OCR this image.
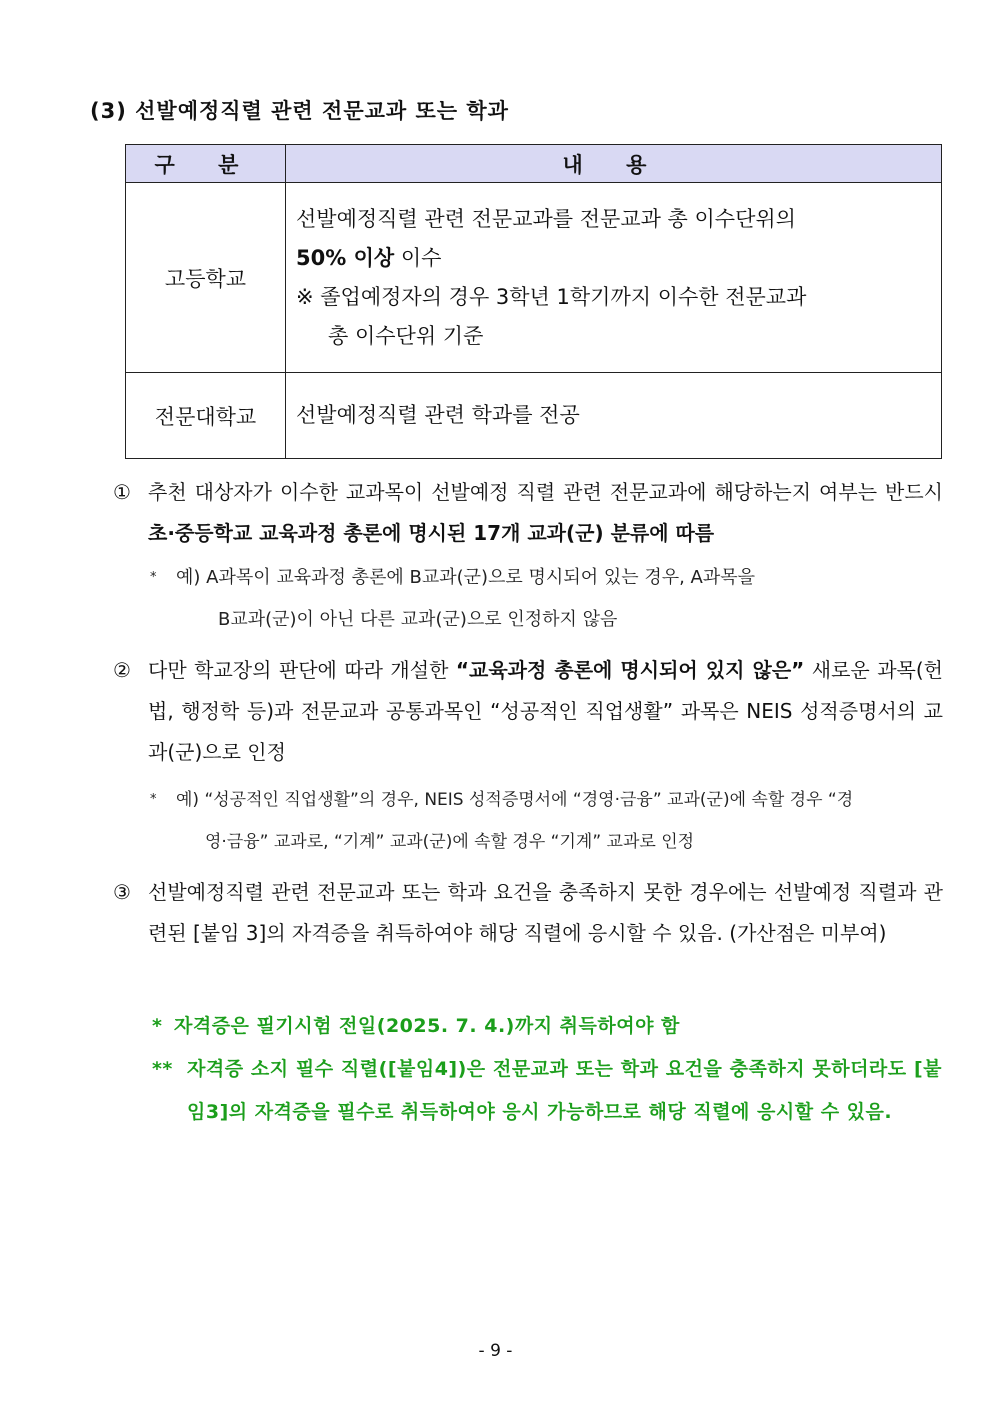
(3) 선발예정직렬 관련 전문교과 또는 학과
구 분	내 용
고등학교	선발예정직렬 관련 전문교과를 전문교과 총 이수단위의
50% 이상 이수
※ 졸업예정자의 경우 3학년 1학기까지 이수한 전문교과
총 이수단위 기준

전문대학교	선발예정직렬 관련 학과를 전공
① 추천 대상자가 이수한 교과목이 선발예정 직렬 관련 전문교과에 해당하는지 여부는 반드시 초·중등학교 교육과정 총론에 명시된 17개 교과(군) 분류에 따름
* 예) A과목이 교육과정 총론에 B교과(군)으로 명시되어 있는 경우, A과목을
B교과(군)이 아닌 다른 교과(군)으로 인정하지 않음
② 다만 학교장의 판단에 따라 개설한 “교육과정 총론에 명시되어 있지 않은” 새로운 과목(헌법, 행정학 등)과 전문교과 공통과목인 “성공적인 직업생활” 과목은 NEIS 성적증명서의 교과(군)으로 인정
* 예) “성공적인 직업생활”의 경우, NEIS 성적증명서에 “경영·금융” 교과(군)에 속할 경우 “경
영·금융” 교과로, “기계” 교과(군)에 속할 경우 “기계” 교과로 인정
③ 선발예정직렬 관련 전문교과 또는 학과 요건을 충족하지 못한 경우에는 선발예정 직렬과 관련된 [붙임 3]의 자격증을 취득하여야 해당 직렬에 응시할 수 있음. (가산점은 미부여)
* 자격증은 필기시험 전일(2025. 7. 4.)까지 취득하여야 함
** 자격증 소지 필수 직렬([붙임4])은 전문교과 또는 학과 요건을 충족하지 못하더라도 [붙임3]의 자격증을 필수로 취득하여야 응시 가능하므로 해당 직렬에 응시할 수 있음.
- 9 -
